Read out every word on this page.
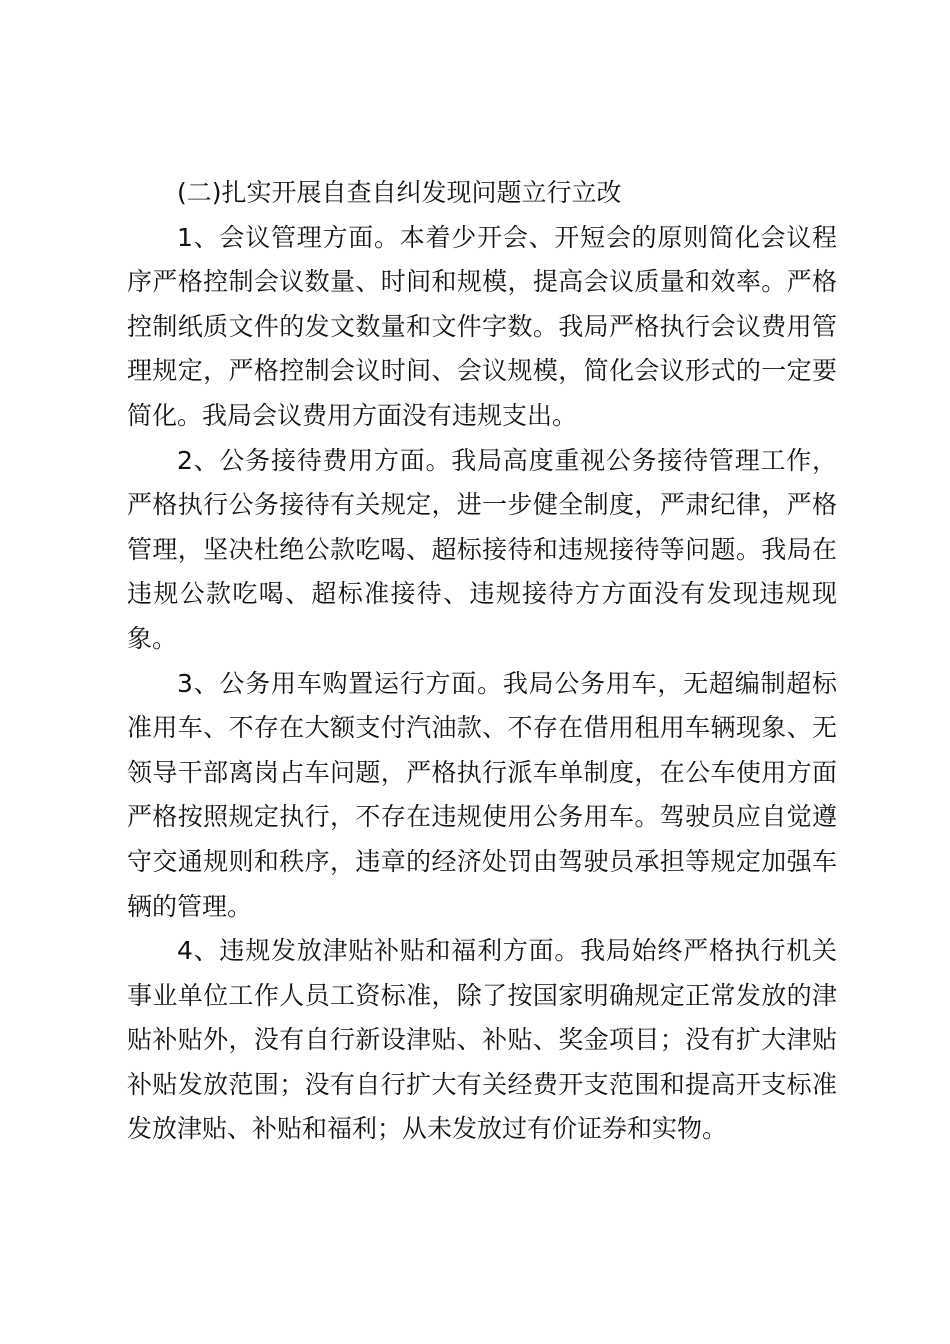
(二)扎实开展自查自纠发现问题立行立改

1、会议管理方面。本着少开会、开短会的原则简化会议程序严格控制会议数量、时间和规模，提高会议质量和效率。严格控制纸质文件的发文数量和文件字数。我局严格执行会议费用管理规定，严格控制会议时间、会议规模，简化会议形式的一定要简化。我局会议费用方面没有违规支出。

2、公务接待费用方面。我局高度重视公务接待管理工作，严格执行公务接待有关规定，进一步健全制度，严肃纪律，严格管理，坚决杜绝公款吃喝、超标接待和违规接待等问题。我局在违规公款吃喝、超标准接待、违规接待方方面没有发现违规现象。

3、公务用车购置运行方面。我局公务用车，无超编制超标准用车、不存在大额支付汽油款、不存在借用租用车辆现象、无领导干部离岗占车问题，严格执行派车单制度，在公车使用方面严格按照规定执行，不存在违规使用公务用车。驾驶员应自觉遵守交通规则和秩序，违章的经济处罚由驾驶员承担等规定加强车辆的管理。

4、违规发放津贴补贴和福利方面。我局始终严格执行机关事业单位工作人员工资标准，除了按国家明确规定正常发放的津贴补贴外，没有自行新设津贴、补贴、奖金项目；没有扩大津贴补贴发放范围；没有自行扩大有关经费开支范围和提高开支标准发放津贴、补贴和福利；从未发放过有价证券和实物。
